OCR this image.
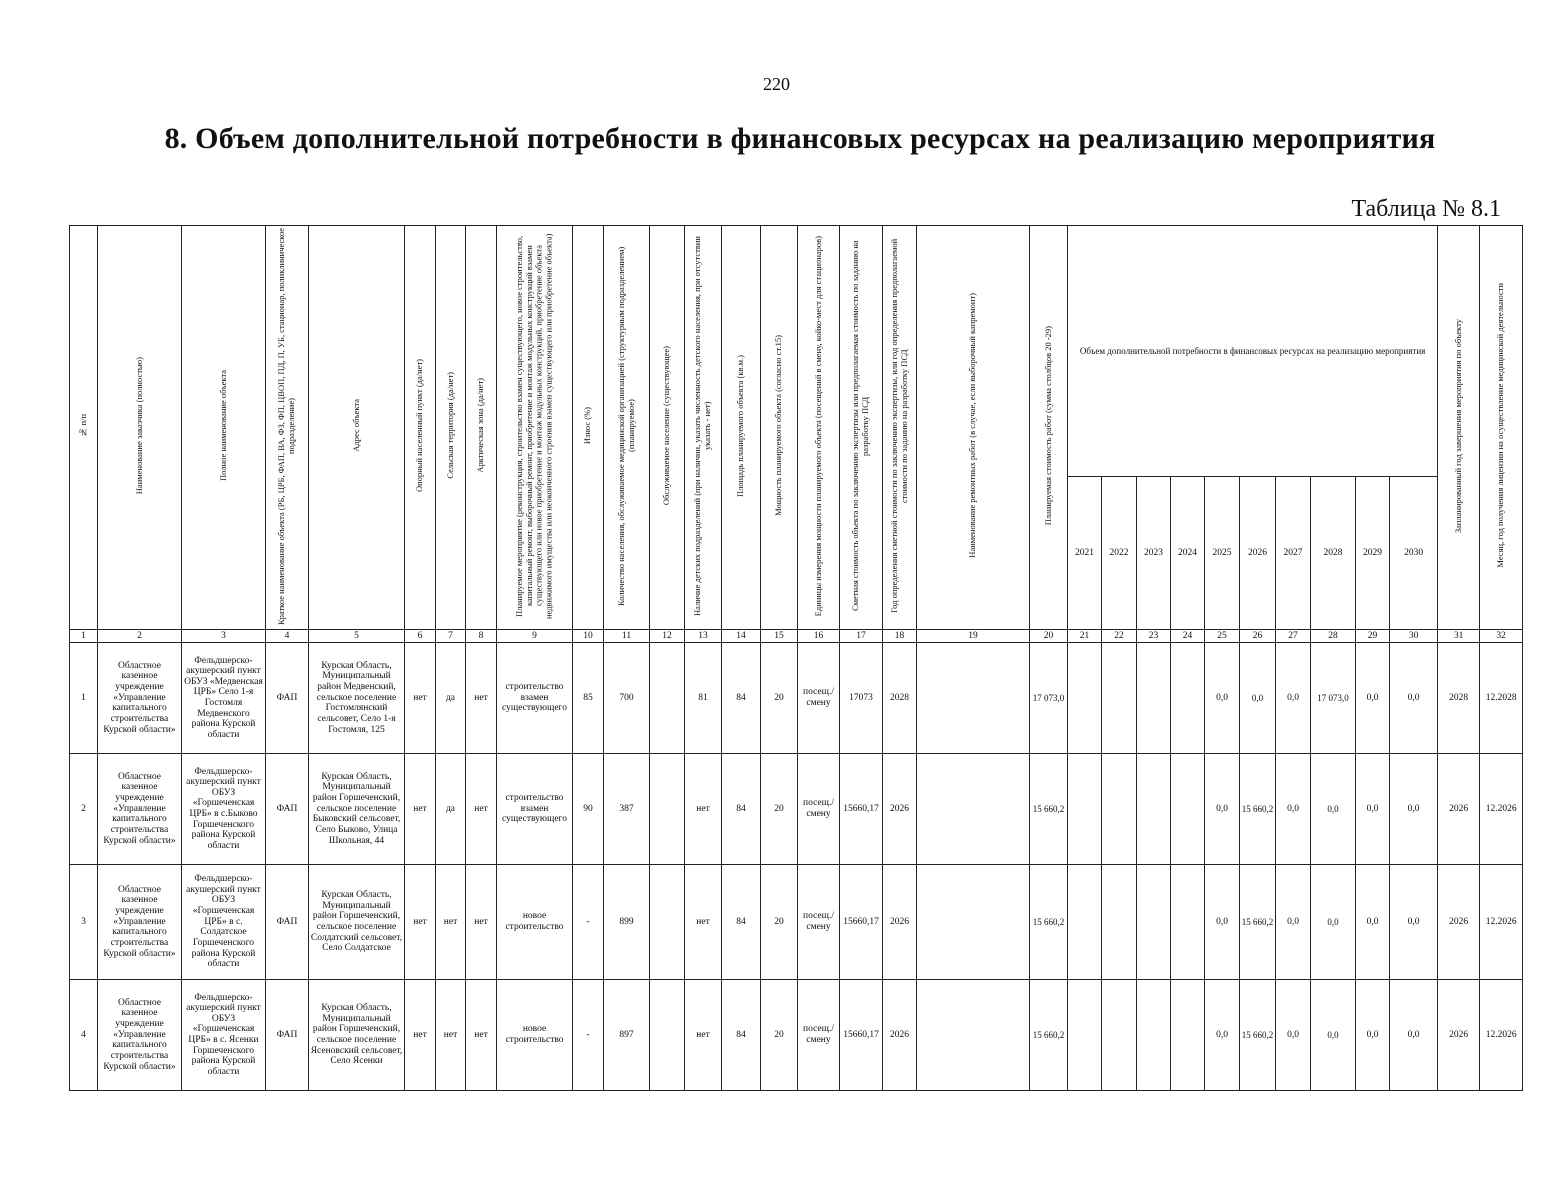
220
8. Объем дополнительной потребности в финансовых ресурсах на реализацию мероприятия
Таблица № 8.1
№ п/п	Наименование заказчика (полностью)	Полное наименование объекта	Краткое наименование объекта (РБ, ЦРБ, ФАП, ВА, ФЗ, ФП, ЦВОП, ПД, П, УБ, стационар, поликлиническое подразделение)	Адрес объекта	Опорный населенный пункт (да/нет)	Сельская территория (да/нет)	Арктическая зона (да/нет)	Планируемое мероприятие (реконструкция, строительство взамен существующего, новое строительство, капитальный ремонт, выборочный ремонт, приобретение и монтаж модульных конструкций взамен существующего или новое приобретение и монтаж модульных конструкций, приобретение объекта недвижимого имущества или неоконченного строения взамен существующего или приобретение объекта)	Износ (%)	Количество населения, обслуживаемое медицинской организацией (структурным подразделением) (планируемое)	Обслуживаемое население (существующее)	Наличие детских подразделений (при наличии, указать численность детского населения, при отсутствии указать - нет)	Площадь планируемого объекта (кв.м.)	Мощность планируемого объекта (согласно ст.15)	Единицы измерения мощности планируемого объекта (посещений в смену, койко-мест для стационаров)	Сметная стоимость объекта по заключению экспертизы или предполагаемая стоимость по заданию на разработку ПСД	Год определения сметной стоимости по заключению экспертизы, или год определения предполагаемой стоимости по заданию на разработку ПСД	Наименование ремонтных работ (в случае, если выборочный капремонт)	Планируемая стоимость работ (сумма столбцов 20 -29)	Объем дополнительной потребности в финансовых ресурсах на реализацию мероприятия										Запланированный год завершения мероприятия по объекту	Месяц, год получения лицензии на осуществление медицинской деятельности
																				2021	2022	2023	2024	2025	2026	2027	2028	2029	2030		
1	2	3	4	5	6	7	8	9	10	11	12	13	14	15	16	17	18	19	20	21	22	23	24	25	26	27	28	29	30	31	32
1	Областное казенное учреждение «Управление капитального строительства Курской области»	Фельдшерско-акушерский пункт ОБУЗ «Медвенская ЦРБ» Село 1-я Гостомля Медвенского района Курской области	ФАП	Курская Область, Муниципальный район Медвенский, сельское поселение Гостомлянский сельсовет, Село 1-я Гостомля, 125	нет	да	нет	строительство взамен существующего	85	700		81	84	20	посещ./ смену	17073	2028		17 073,0					0,0	0,0	0,0	17 073,0	0,0	0,0	2028	12.2028
2	Областное казенное учреждение «Управление капитального строительства Курской области»	Фельдшерско-акушерский пункт ОБУЗ «Горшеченская ЦРБ» в с.Быково Горшеченского района Курской области	ФАП	Курская Область, Муниципальный район Горшеченский, сельское поселение Быковский сельсовет, Село Быково, Улица Школьная, 44	нет	да	нет	строительство взамен существующего	90	387		нет	84	20	посещ./ смену	15660,17	2026		15 660,2					0,0	15 660,2	0,0	0,0	0,0	0,0	2026	12.2026
3	Областное казенное учреждение «Управление капитального строительства Курской области»	Фельдшерско-акушерский пункт ОБУЗ «Горшеченская ЦРБ» в с. Солдатское Горшеченского района Курской области	ФАП	Курская Область, Муниципальный район Горшеченский, сельское поселение Солдатский сельсовет, Село Солдатское	нет	нет	нет	новое строительство	-	899		нет	84	20	посещ./ смену	15660,17	2026		15 660,2					0,0	15 660,2	0,0	0,0	0,0	0,0	2026	12.2026
4	Областное казенное учреждение «Управление капитального строительства Курской области»	Фельдшерско-акушерский пункт ОБУЗ «Горшеченская ЦРБ» в с. Ясенки Горшеченского района Курской области	ФАП	Курская Область, Муниципальный район Горшеченский, сельское поселение Ясеновский сельсовет, Село Ясенки	нет	нет	нет	новое строительство	-	897		нет	84	20	посещ./ смену	15660,17	2026		15 660,2					0,0	15 660,2	0,0	0,0	0,0	0,0	2026	12.2026
